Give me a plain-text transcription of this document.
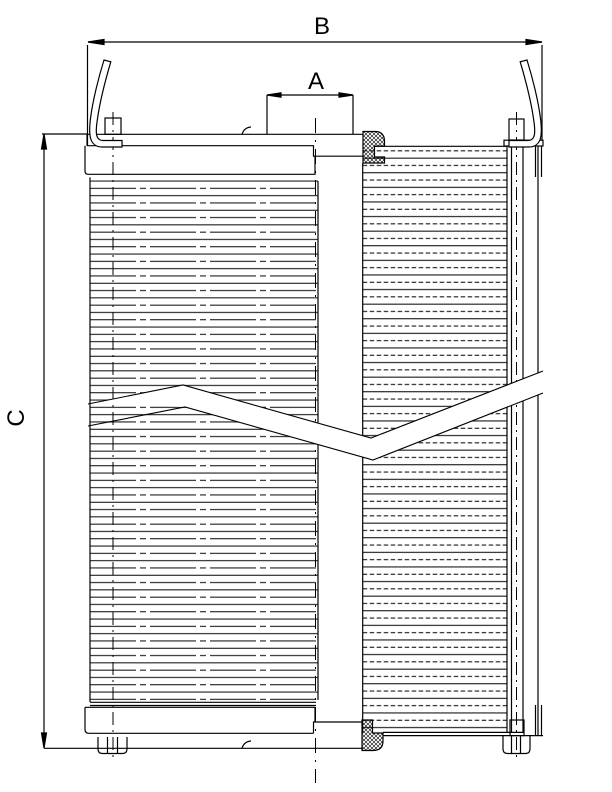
B
A
C
